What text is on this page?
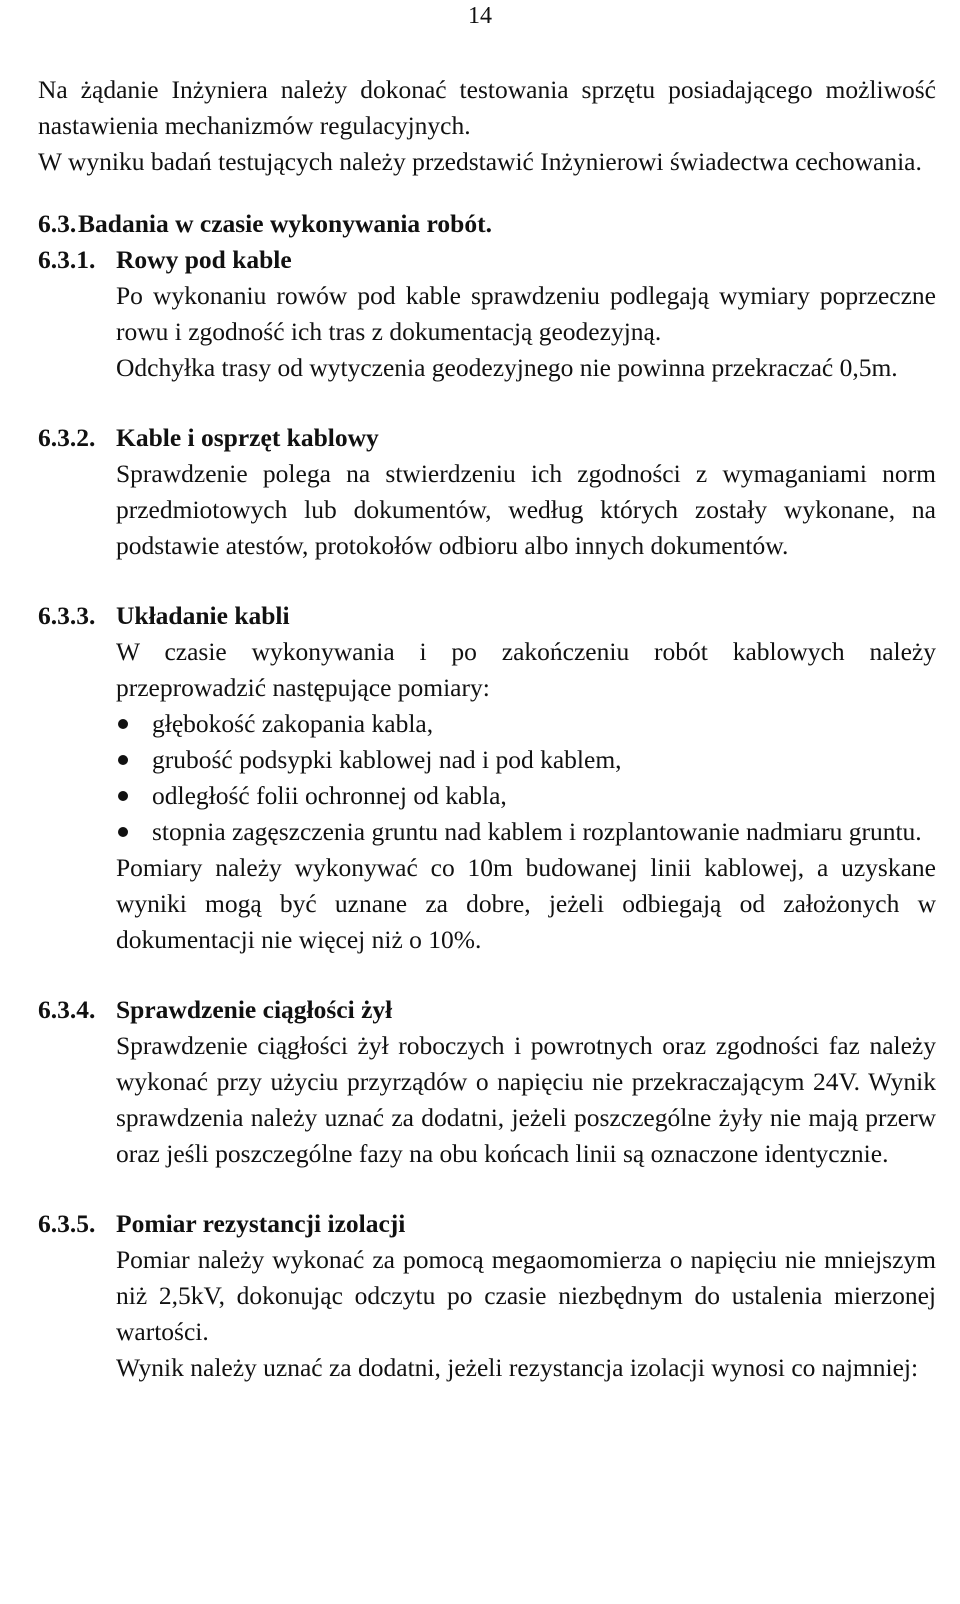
14

Na żądanie Inżyniera należy dokonać testowania sprzętu posiadającego możliwość nastawienia mechanizmów regulacyjnych.

W wyniku badań testujących należy przedstawić Inżynierowi świadectwa cechowania.

6.3. Badania w czasie wykonywania robót.
6.3.1. Rowy pod kable

Po wykonaniu rowów pod kable sprawdzeniu podlegają wymiary poprzeczne rowu i zgodność ich tras z dokumentacją geodezyjną.

Odchyłka trasy od wytyczenia geodezyjnego nie powinna przekraczać 0,5m.

6.3.2. Kable i osprzęt kablowy

Sprawdzenie polega na stwierdzeniu ich zgodności z wymaganiami norm przedmiotowych lub dokumentów, według których zostały wykonane, na podstawie atestów, protokołów odbioru albo innych dokumentów.

6.3.3. Układanie kabli

W czasie wykonywania i po zakończeniu robót kablowych należy przeprowadzić następujące pomiary:

głębokość zakopania kabla,
grubość podsypki kablowej nad i pod kablem,
odległość folii ochronnej od kabla,
stopnia zagęszczenia gruntu nad kablem i rozplantowanie nadmiaru gruntu.

Pomiary należy wykonywać co 10m budowanej linii kablowej, a uzyskane wyniki mogą być uznane za dobre, jeżeli odbiegają od założonych w dokumentacji nie więcej niż o 10%.

6.3.4. Sprawdzenie ciągłości żył

Sprawdzenie ciągłości żył roboczych i powrotnych oraz zgodności faz należy wykonać przy użyciu przyrządów o napięciu nie przekraczającym 24V. Wynik sprawdzenia należy uznać za dodatni, jeżeli poszczególne żyły nie mają przerw oraz jeśli poszczególne fazy na obu końcach linii są oznaczone identycznie.

6.3.5. Pomiar rezystancji izolacji

Pomiar należy wykonać za pomocą megaomomierza o napięciu nie mniejszym niż 2,5kV, dokonując odczytu po czasie niezbędnym do ustalenia mierzonej wartości.

Wynik należy uznać za dodatni, jeżeli rezystancja izolacji wynosi co najmniej:
